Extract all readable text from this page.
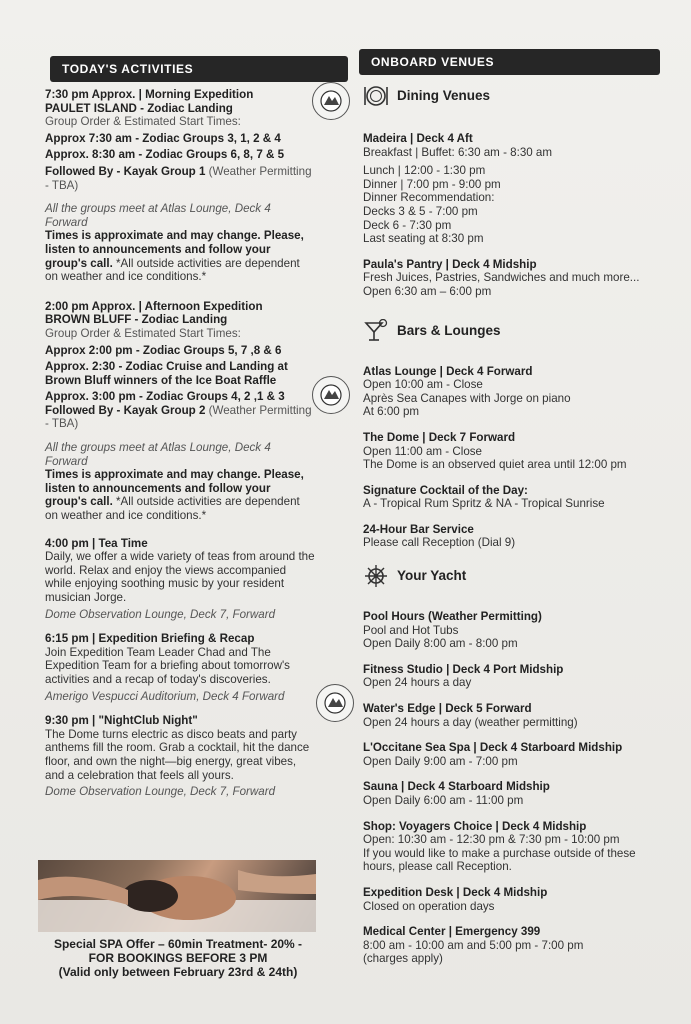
TODAY'S ACTIVITIES	ONBOARD VENUES
7:30 pm Approx. | Morning Expedition
PAULET ISLAND - Zodiac Landing
Group Order & Estimated Start Times:
Approx 7:30 am - Zodiac Groups 3, 1, 2 & 4
Approx. 8:30 am - Zodiac Groups 6, 8, 7 & 5
Followed By - Kayak Group 1 (Weather Permitting - TBA)
All the groups meet at Atlas Lounge, Deck 4 Forward
Times is approximate and may change. Please, listen to announcements and follow your group's call. *All outside activities are dependent on weather and ice conditions.*
2:00 pm Approx. | Afternoon Expedition
BROWN BLUFF - Zodiac Landing
Group Order & Estimated Start Times:
Approx 2:00 pm - Zodiac Groups 5, 7 ,8 & 6
Approx. 2:30 - Zodiac Cruise and Landing at Brown Bluff winners of the Ice Boat Raffle
Approx. 3:00 pm - Zodiac Groups 4, 2 ,1 & 3
Followed By - Kayak Group 2 (Weather Permitting - TBA)
All the groups meet at Atlas Lounge, Deck 4 Forward
Times is approximate and may change. Please, listen to announcements and follow your group's call. *All outside activities are dependent on weather and ice conditions.*
4:00 pm | Tea Time
Daily, we offer a wide variety of teas from around the world. Relax and enjoy the views accompanied while enjoying soothing music by your resident musician Jorge.
Dome Observation Lounge, Deck 7, Forward
6:15 pm | Expedition Briefing & Recap
Join Expedition Team Leader Chad and The Expedition Team for a briefing about tomorrow's activities and a recap of today's discoveries.
Amerigo Vespucci Auditorium, Deck 4 Forward
9:30 pm | "NightClub Night"
The Dome turns electric as disco beats and party anthems fill the room. Grab a cocktail, hit the dance floor, and own the night—big energy, great vibes, and a celebration that feels all yours.
Dome Observation Lounge, Deck 7, Forward
Special SPA Offer – 60min Treatment- 20% -
FOR BOOKINGS BEFORE 3 PM
(Valid only between February 23rd & 24th)
Dining Venues
Madeira | Deck 4 Aft
Breakfast | Buffet: 6:30 am - 8:30 am
Lunch | 12:00 - 1:30 pm
Dinner | 7:00 pm - 9:00 pm
Dinner Recommendation:
Decks 3 & 5 - 7:00 pm
Deck 6 - 7:30 pm
Last seating at 8:30 pm
Paula's Pantry | Deck 4 Midship
Fresh Juices, Pastries, Sandwiches and much more...
Open 6:30 am – 6:00 pm
Bars & Lounges
Atlas Lounge | Deck 4 Forward
Open 10:00 am - Close
Après Sea Canapes with Jorge on piano
At 6:00 pm
The Dome | Deck 7 Forward
Open 11:00 am - Close
The Dome is an observed quiet area until 12:00 pm
Signature Cocktail of the Day:
A - Tropical Rum Spritz & NA - Tropical Sunrise
24-Hour Bar Service
Please call Reception (Dial 9)
Your Yacht
Pool Hours (Weather Permitting)
Pool and Hot Tubs
Open Daily 8:00 am - 8:00 pm
Fitness Studio | Deck 4 Port Midship
Open 24 hours a day
Water's Edge | Deck 5 Forward
Open 24 hours a day (weather permitting)
L'Occitane Sea Spa | Deck 4 Starboard Midship
Open Daily 9:00 am - 7:00 pm
Sauna | Deck 4 Starboard Midship
Open Daily 6:00 am - 11:00 pm
Shop: Voyagers Choice | Deck 4 Midship
Open: 10:30 am - 12:30 pm & 7:30 pm - 10:00 pm
If you would like to make a purchase outside of these hours, please call Reception.
Expedition Desk | Deck 4 Midship
Closed on operation days
Medical Center | Emergency 399
8:00 am - 10:00 am and 5:00 pm - 7:00 pm
(charges apply)
